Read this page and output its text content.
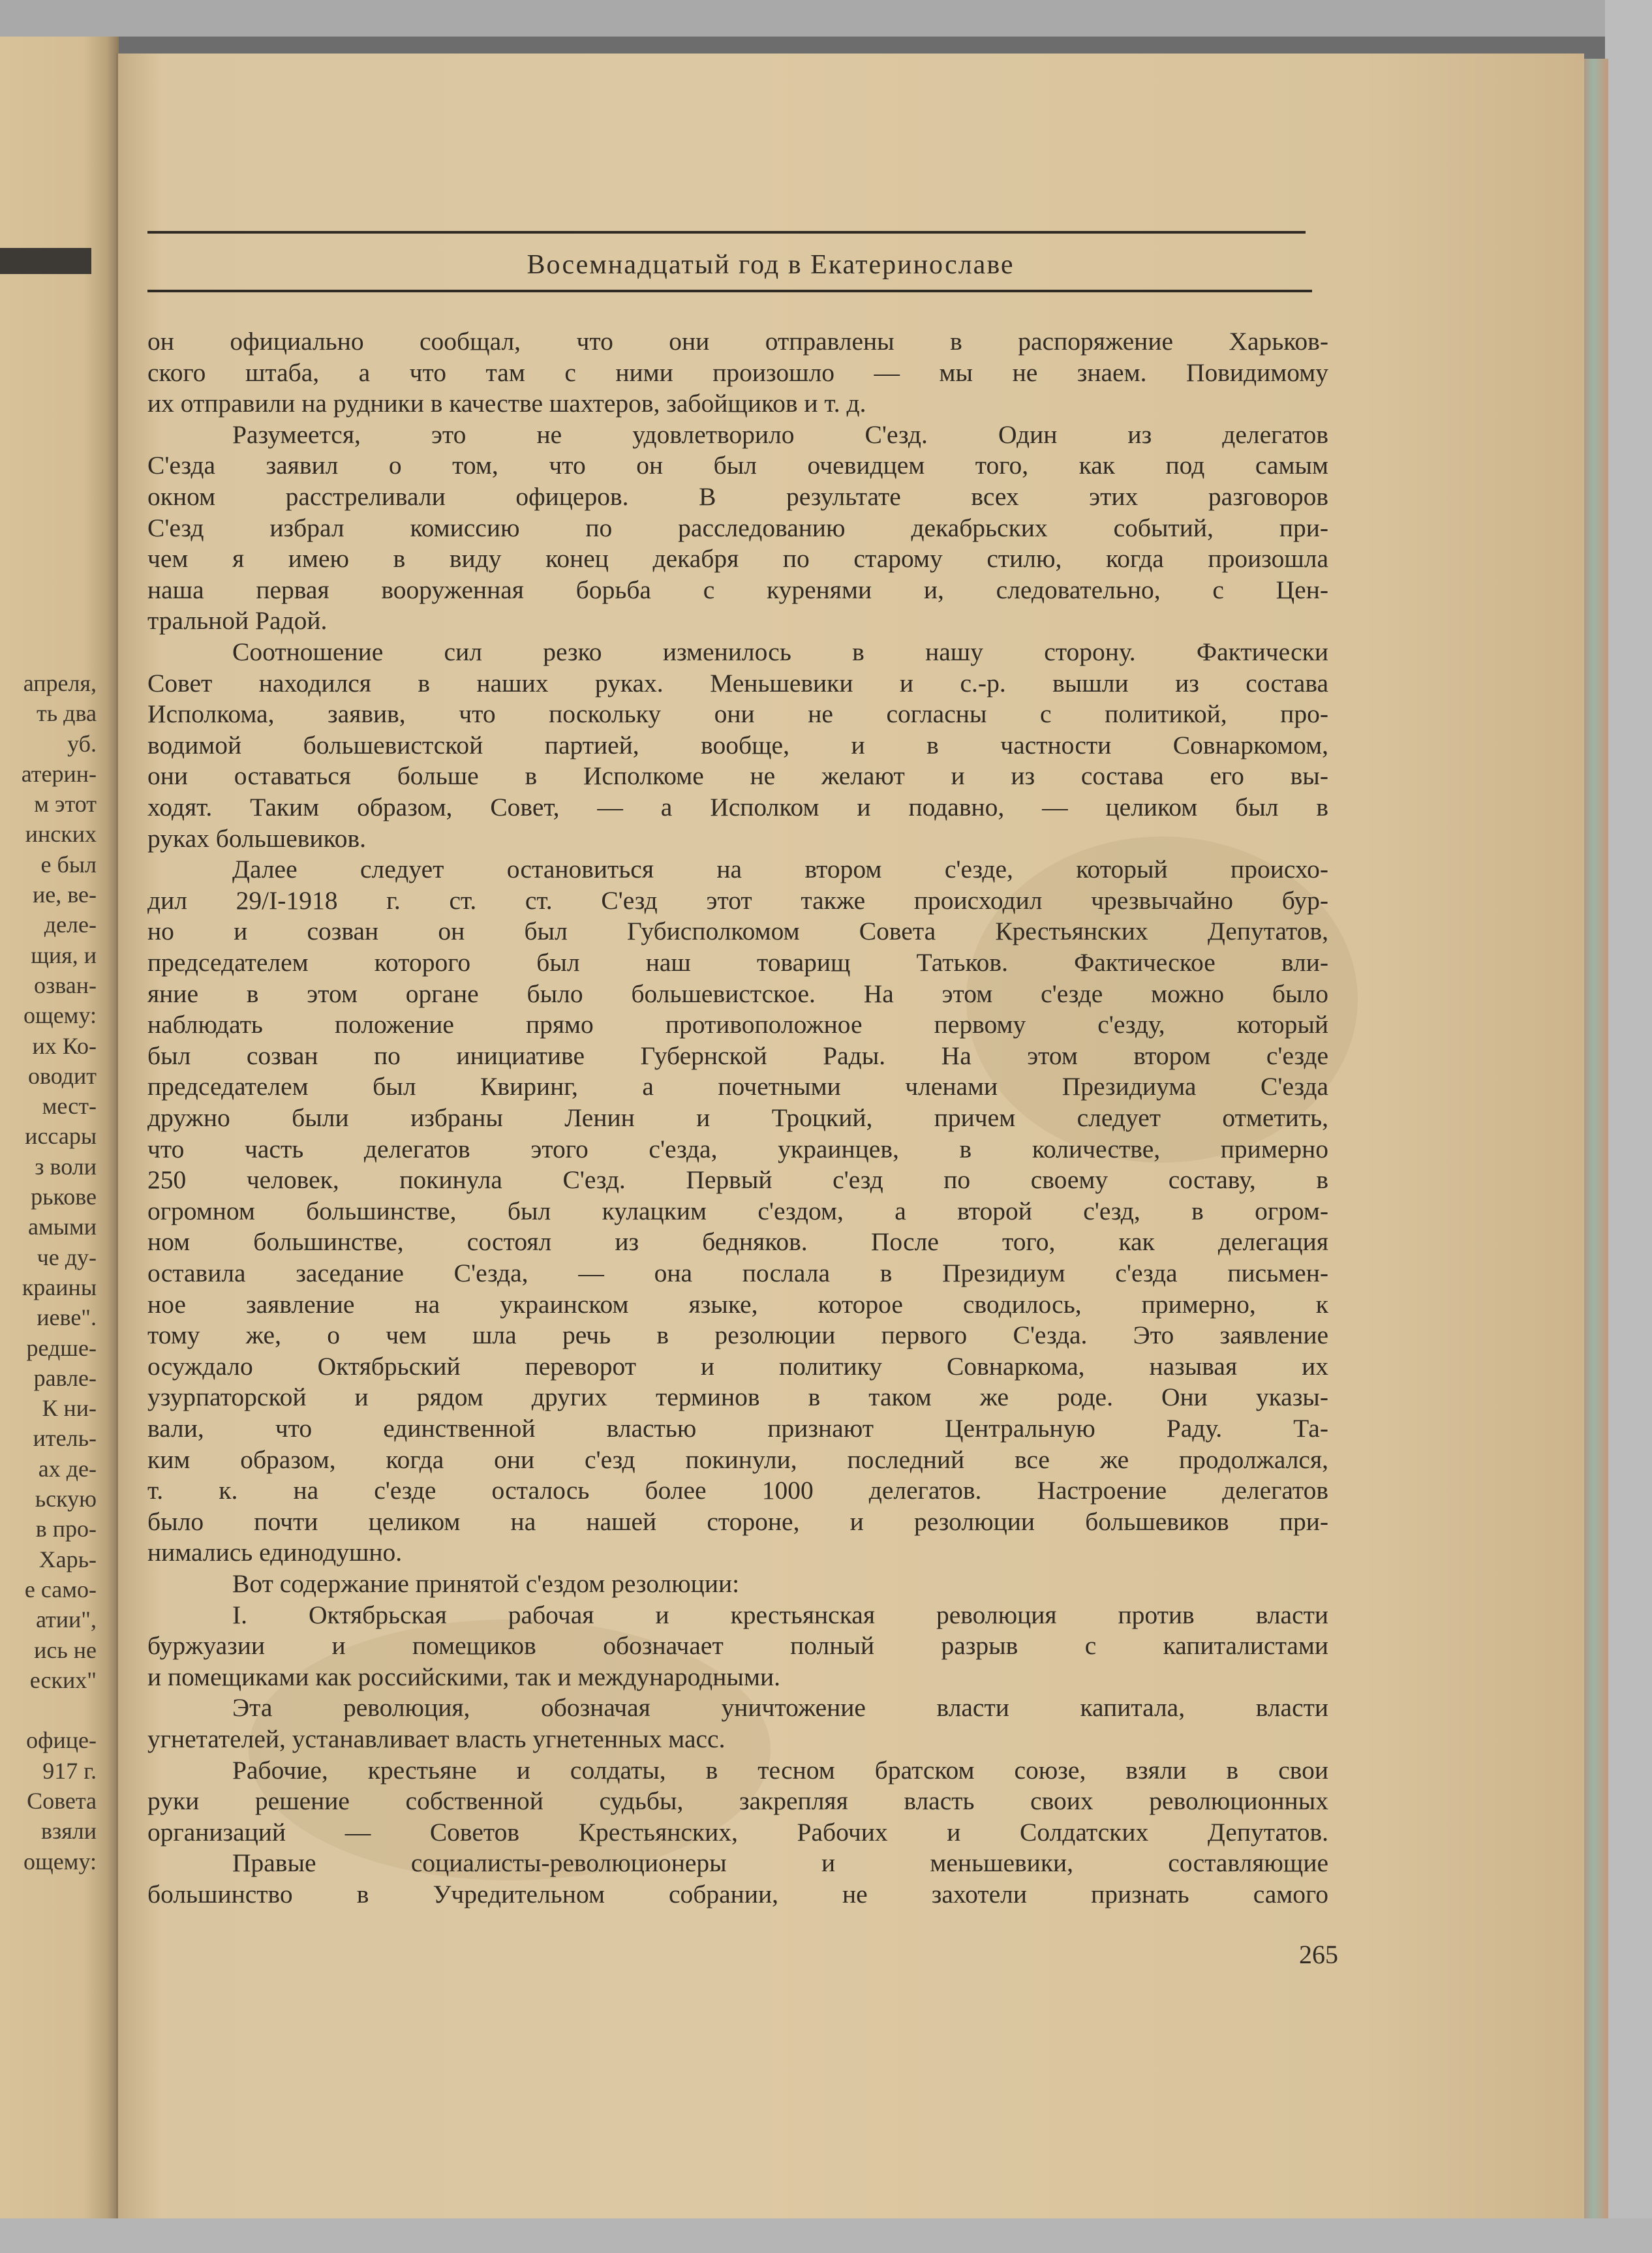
апреля,
ть два
уб.
атерин-
м этот
инских
е был
ие, ве-
деле-
щия, и
озван-
ощему:
их Ко-
оводит
мест-
иссары
з воли
рькове
амыми
че ду-
краины
иеве".
редше-
равле-
К ни-
итель-
ах де-
ьскую
в про-
Харь-
е само-
атии",
ись не
еских"
офице-
917 г.
Совета
взяли
ощему:
Восемнадцатый год в Екатеринославе
он официально сообщал, что они отправлены в распоряжение Харьков-
ского штаба, а что там с ними произошло — мы не знаем. Повидимому
их отправили на рудники в качестве шахтеров, забойщиков и т. д.
Разумеется, это не удовлетворило С'езд. Один из делегатов
С'езда заявил о том, что он был очевидцем того, как под самым
окном расстреливали офицеров. В результате всех этих разговоров
С'езд избрал комиссию по расследованию декабрьских событий, при-
чем я имею в виду конец декабря по старому стилю, когда произошла
наша первая вооруженная борьба с куренями и, следовательно, с Цен-
тральной Радой.
Соотношение сил резко изменилось в нашу сторону. Фактически
Совет находился в наших руках. Меньшевики и с.-р. вышли из состава
Исполкома, заявив, что поскольку они не согласны с политикой, про-
водимой большевистской партией, вообще, и в частности Совнаркомом,
они оставаться больше в Исполкоме не желают и из состава его вы-
ходят. Таким образом, Совет, — а Исполком и подавно, — целиком был в
руках большевиков.
Далее следует остановиться на втором с'езде, который происхо-
дил 29/I-1918 г. ст. ст. С'езд этот также происходил чрезвычайно бур-
но и созван он был Губисполкомом Совета Крестьянских Депутатов,
председателем которого был наш товарищ Татьков. Фактическое вли-
яние в этом органе было большевистское. На этом с'езде можно было
наблюдать положение прямо противоположное первому с'езду, который
был созван по инициативе Губернской Рады. На этом втором с'езде
председателем был Квиринг, а почетными членами Президиума С'езда
дружно были избраны Ленин и Троцкий, причем следует отметить,
что часть делегатов этого с'езда, украинцев, в количестве, примерно
250 человек, покинула С'езд. Первый с'езд по своему составу, в
огромном большинстве, был кулацким с'ездом, а второй с'езд, в огром-
ном большинстве, состоял из бедняков. После того, как делегация
оставила заседание С'езда, — она послала в Президиум с'езда письмен-
ное заявление на украинском языке, которое сводилось, примерно, к
тому же, о чем шла речь в резолюции первого С'езда. Это заявление
осуждало Октябрьский переворот и политику Совнаркома, называя их
узурпаторской и рядом других терминов в таком же роде. Они указы-
вали, что единственной властью признают Центральную Раду. Та-
ким образом, когда они с'езд покинули, последний все же продолжался,
т. к. на с'езде осталось более 1000 делегатов. Настроение делегатов
было почти целиком на нашей стороне, и резолюции большевиков при-
нимались единодушно.
Вот содержание принятой с'ездом резолюции:
I. Октябрьская рабочая и крестьянская революция против власти
буржуазии и помещиков обозначает полный разрыв с капиталистами
и помещиками как российскими, так и международными.
Эта революция, обозначая уничтожение власти капитала, власти
угнетателей, устанавливает власть угнетенных масс.
Рабочие, крестьяне и солдаты, в тесном братском союзе, взяли в свои
руки решение собственной судьбы, закрепляя власть своих революционных
организаций — Советов Крестьянских, Рабочих и Солдатских Депутатов.
Правые социалисты-революционеры и меньшевики, составляющие
большинство в Учредительном собрании, не захотели признать самого
265
